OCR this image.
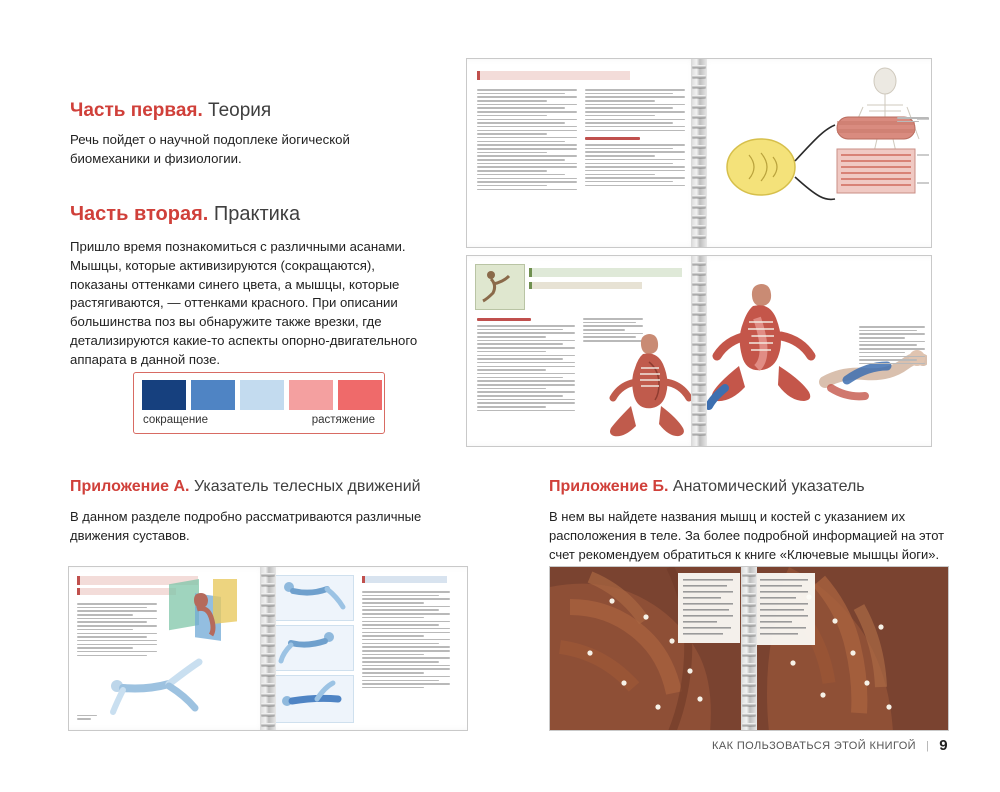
Часть первая. Теория

Речь пойдет о научной подоплеке йогической биомеханики и физиологии.

Часть вторая. Практика

Пришло время познакомиться с различными асанами. Мышцы, которые активизируются (сокращаются), показаны оттенками синего цвета, а мышцы, которые растягиваются, — оттенками красного. При описании большинства поз вы обнаружите также врезки, где детализируются какие-то аспекты опорно-двигательного аппарата в данной позе.

сокращение	растяжение

Приложение А. Указатель телесных движений

В данном разделе подробно рассматриваются различные движения суставов.

Приложение Б. Анатомический указатель

В нем вы найдете названия мышц и костей с указанием их расположения в теле. За более подробной информацией на этот счет рекомендуем обратиться к книге «Ключевые мышцы йоги».

КАК ПОЛЬЗОВАТЬСЯ ЭТОЙ КНИГОЙ | 9
